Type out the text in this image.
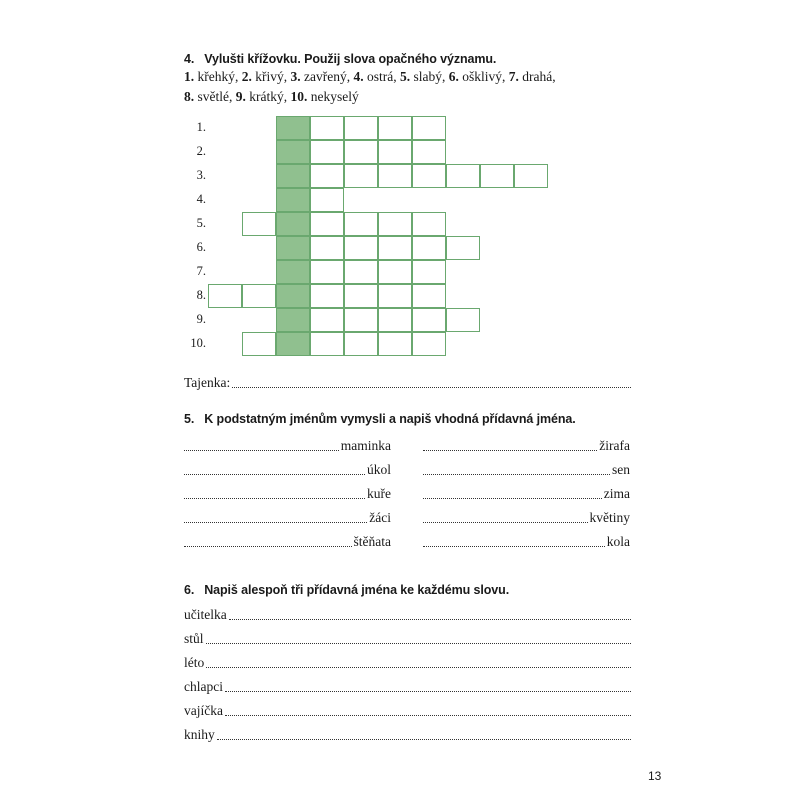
4. Vylušti křížovku. Použij slova opačného významu.
1. křehký, 2. křivý, 3. zavřený, 4. ostrá, 5. slabý, 6. ošklivý, 7. drahá,
8. světlé, 9. krátký, 10. nekyselý
1.
2.
3.
4.
5.
6.
7.
8.
9.
10.
Tajenka:
5. K podstatným jménům vymysli a napiš vhodná přídavná jména.
maminka
úkol
kuře
žáci
štěňata
žirafa
sen
zima
květiny
kola
6. Napiš alespoň tři přídavná jména ke každému slovu.
učitelka
stůl
léto
chlapci
vajíčka
knihy
13
